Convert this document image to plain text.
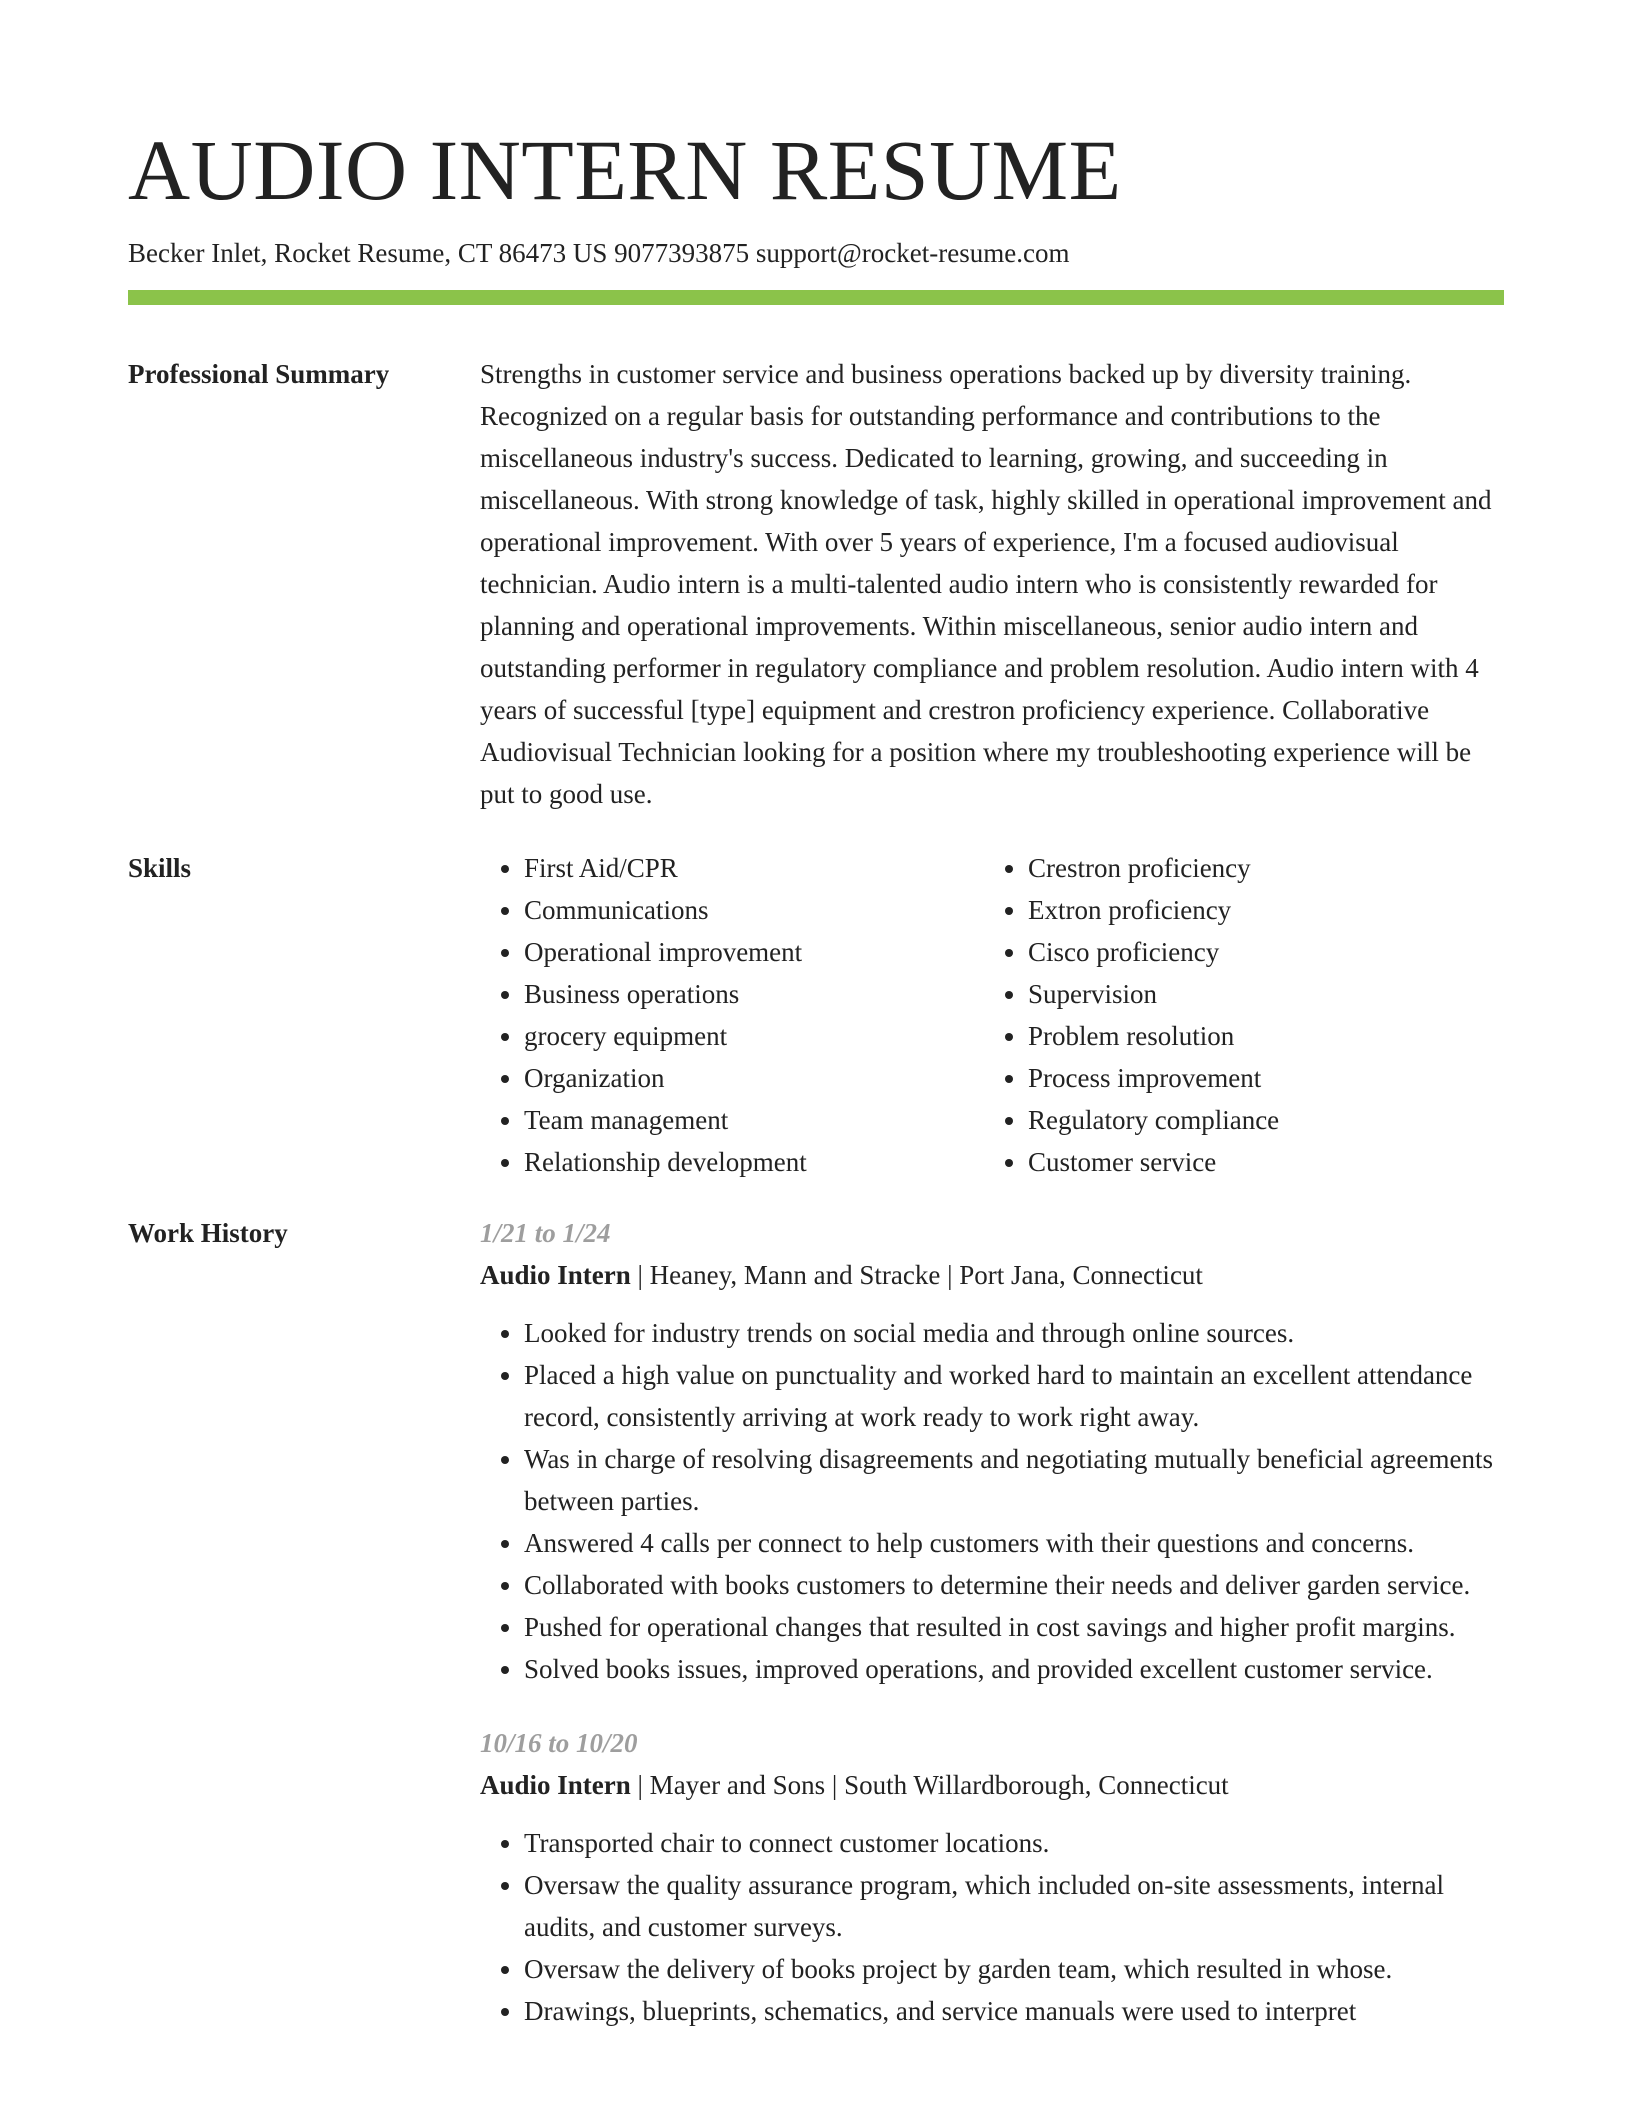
AUDIO INTERN RESUME
Becker Inlet, Rocket Resume, CT 86473 US 9077393875 support@rocket-resume.com
Professional Summary	Strengths in customer service and business operations backed up by diversity training. Recognized on a regular basis for outstanding performance and contributions to the miscellaneous industry's success. Dedicated to learning, growing, and succeeding in miscellaneous. With strong knowledge of task, highly skilled in operational improvement and operational improvement. With over 5 years of experience, I'm a focused audiovisual technician. Audio intern is a multi-talented audio intern who is consistently rewarded for planning and operational improvements. Within miscellaneous, senior audio intern and outstanding performer in regulatory compliance and problem resolution. Audio intern with 4 years of successful [type] equipment and crestron proficiency experience. Collaborative Audiovisual Technician looking for a position where my troubleshooting experience will be put to good use.

Skills
•	First Aid/CPR
• Communications
• Operational improvement
• Business operations
• grocery equipment
• Organization
• Team management
• Relationship development
• Crestron proficiency
• Extron proficiency
• Cisco proficiency
• Supervision
• Problem resolution
• Process improvement
• Regulatory compliance
• Customer service
Work History	1/21 to 1/24
Audio Intern | Heaney, Mann and Stracke | Port Jana, Connecticut
• Looked for industry trends on social media and through online sources.
• Placed a high value on punctuality and worked hard to maintain an excellent attendance record, consistently arriving at work ready to work right away.
• Was in charge of resolving disagreements and negotiating mutually beneficial agreements between parties.
• Answered 4 calls per connect to help customers with their questions and concerns.
• Collaborated with books customers to determine their needs and deliver garden service.
• Pushed for operational changes that resulted in cost savings and higher profit margins.
• Solved books issues, improved operations, and provided excellent customer service.
10/16 to 10/20
Audio Intern | Mayer and Sons | South Willardborough, Connecticut
• Transported chair to connect customer locations.
• Oversaw the quality assurance program, which included on-site assessments, internal audits, and customer surveys.
• Oversaw the delivery of books project by garden team, which resulted in whose.
• Drawings, blueprints, schematics, and service manuals were used to interpret
